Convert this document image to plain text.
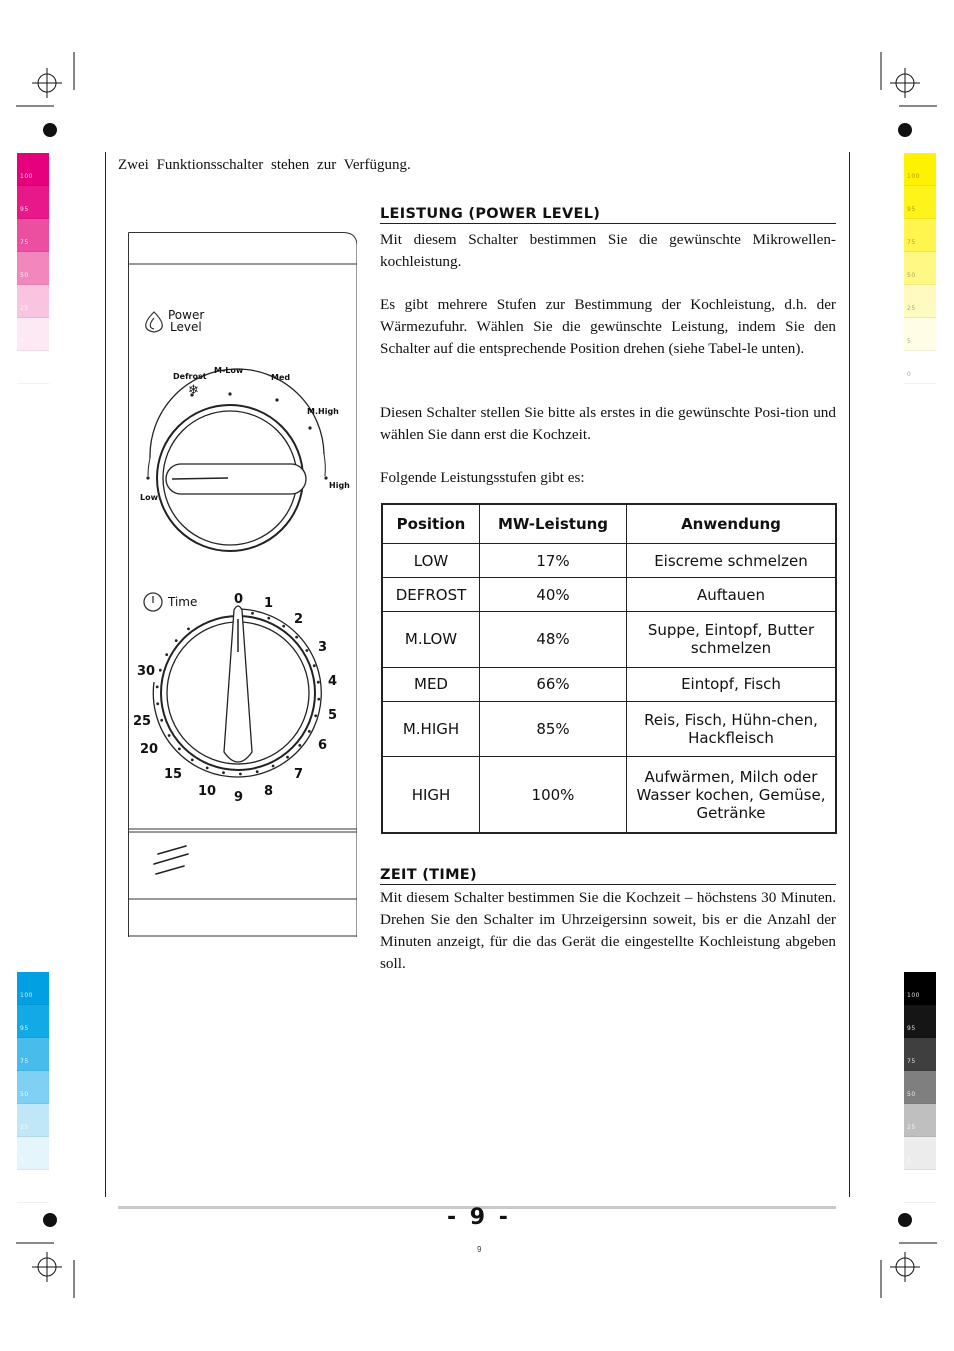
100
95
75
50
25
5
0
100
95
75
50
25
5
0
100
95
75
50
25
5
0
100
95
75
50
25
5
0
Zwei Funktionsschalter stehen zur Verfügung.
Power
Level
Defrost
M-Low
Med
M.High
High
Low
❄
Time	0 1
2
3
4
5
6
7
8
9
10
15
20
25
30
LEISTUNG (POWER LEVEL)

Mit diesem Schalter bestimmen Sie die gewünschte Mikrowellen-kochleistung.

Es gibt mehrere Stufen zur Bestimmung der Kochleistung, d.h. der Wärmezufuhr. Wählen Sie die gewünschte Leistung, indem Sie den Schalter auf die entsprechende Position drehen (siehe Tabel-le unten).

Diesen Schalter stellen Sie bitte als erstes in die gewünschte Posi-tion und wählen Sie dann erst die Kochzeit.

Folgende Leistungsstufen gibt es:

Position	MW-Leistung	Anwendung
LOW	17%	Eiscreme schmelzen
DEFROST	40%	Auftauen
M.LOW	48%	Suppe, Eintopf, Butter schmelzen
MED	66%	Eintopf, Fisch
M.HIGH	85%	Reis, Fisch, Hühn-chen, Hackfleisch
HIGH	100%	Aufwärmen, Milch oder Wasser kochen, Gemüse, Getränke
ZEIT (TIME)

Mit diesem Schalter bestimmen Sie die Kochzeit – höchstens 30 Minuten. Drehen Sie den Schalter im Uhrzeigersinn soweit, bis er die Anzahl der Minuten anzeigt, für die das Gerät die eingestellte Kochleistung abgeben soll.

- 9 -
9
